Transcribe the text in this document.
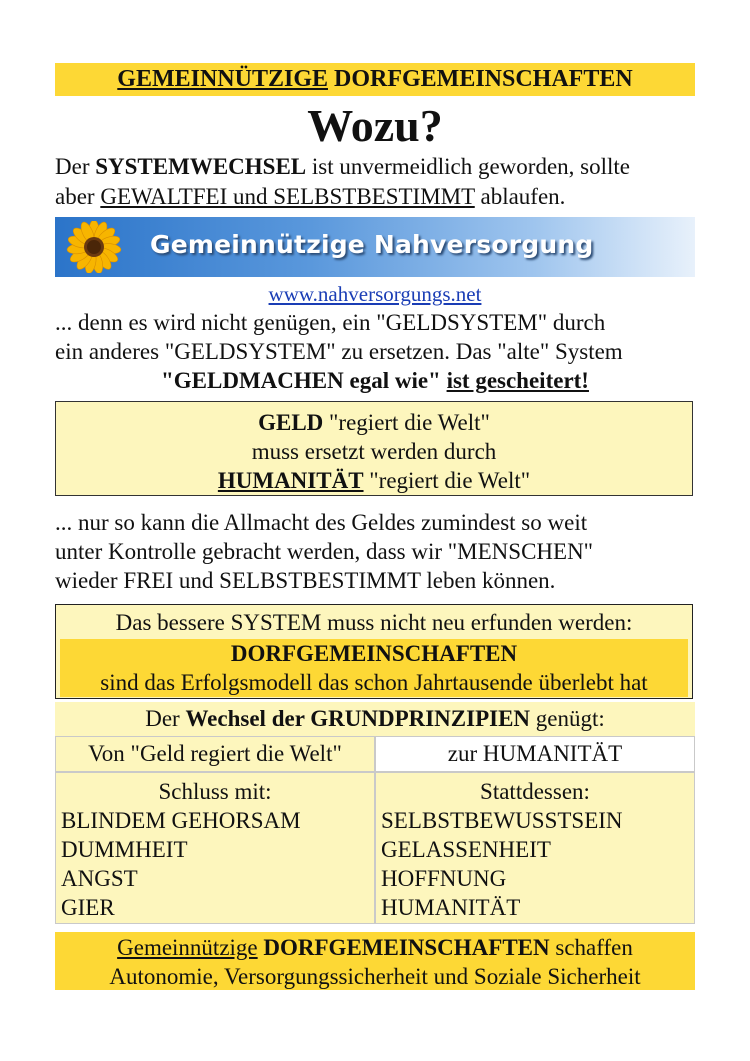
GEMEINNÜTZIGE DORFGEMEINSCHAFTEN
Wozu?
Der SYSTEMWECHSEL ist unvermeidlich geworden, sollte
aber GEWALTFEI und SELBSTBESTIMMT ablaufen.
Gemeinnützige Nahversorgung
www.nahversorgungs.net
... denn es wird nicht genügen, ein "GELDSYSTEM" durch
ein anderes "GELDSYSTEM" zu ersetzen. Das "alte" System
"GELDMACHEN egal wie" ist gescheitert!
GELD "regiert die Welt"
muss ersetzt werden durch
HUMANITÄT "regiert die Welt"
... nur so kann die Allmacht des Geldes zumindest so weit
unter Kontrolle gebracht werden, dass wir "MENSCHEN"
wieder FREI und SELBSTBESTIMMT leben können.
Das bessere SYSTEM muss nicht neu erfunden werden:
DORFGEMEINSCHAFTEN
sind das Erfolgsmodell das schon Jahrtausende überlebt hat
Der Wechsel der GRUNDPRINZIPIEN genügt:
Von "Geld regiert die Welt"	zur HUMANITÄT
Schluss mit:
BLINDEM GEHORSAM
DUMMHEIT
ANGST
GIER
Stattdessen:
SELBSTBEWUSSTSEIN
GELASSENHEIT
HOFFNUNG
HUMANITÄT
Gemeinnützige DORFGEMEINSCHAFTEN schaffen
Autonomie, Versorgungssicherheit und Soziale Sicherheit
